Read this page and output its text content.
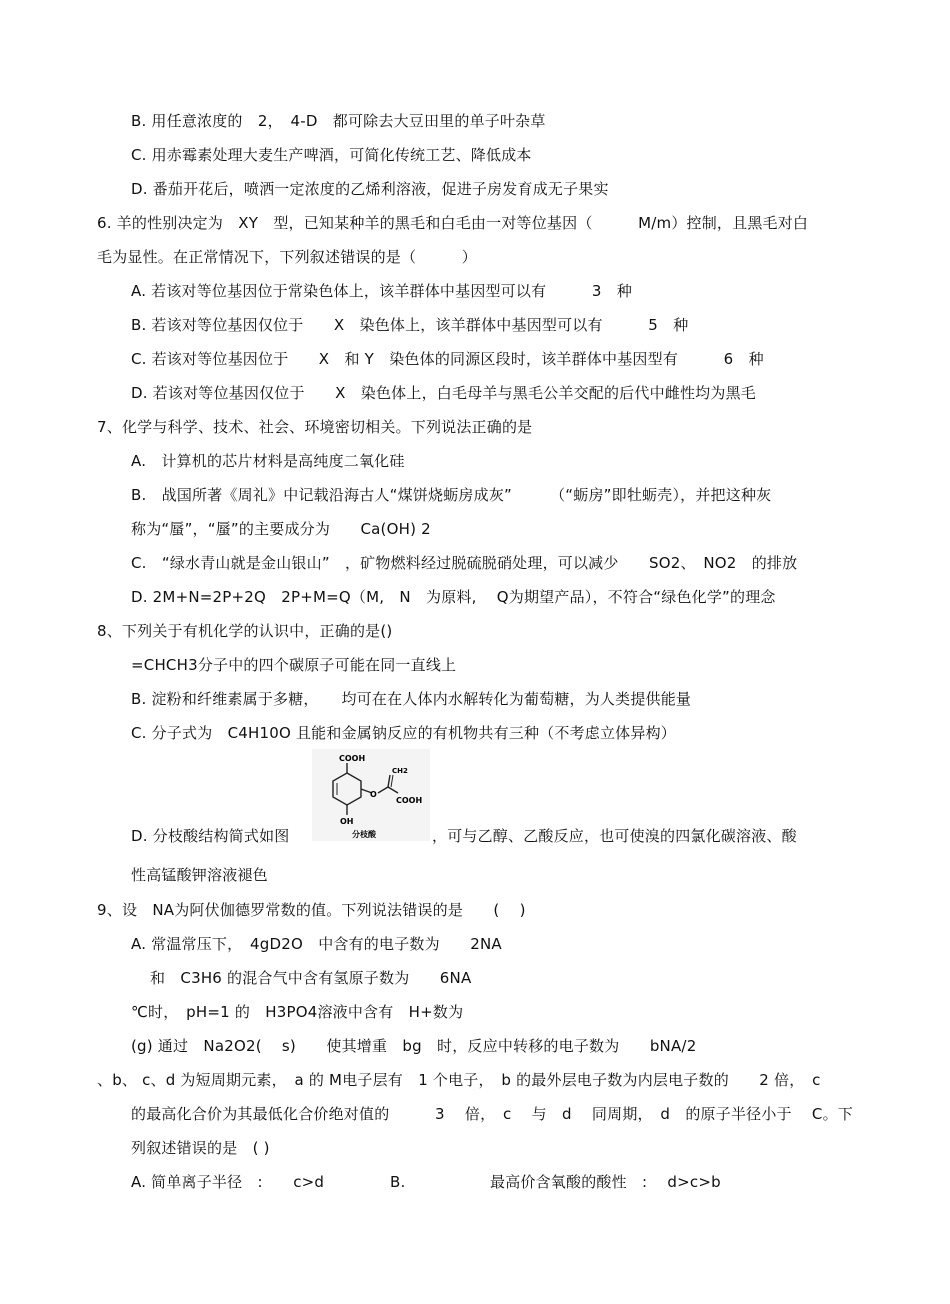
B. 用任意浓度的　2，　4-D　都可除去大豆田里的单子叶杂草
C. 用赤霉素处理大麦生产啤酒，可简化传统工艺、降低成本
D. 番茄开花后，喷洒一定浓度的乙烯利溶液，促进子房发育成无子果实
6. 羊的性别决定为　XY　型，已知某种羊的黑毛和白毛由一对等位基因（　　　M/m）控制，且黑毛对白
毛为显性。在正常情况下，下列叙述错误的是（　　　）
A. 若该对等位基因位于常染色体上，该羊群体中基因型可以有　　　3　种
B. 若该对等位基因仅位于　　X　染色体上，该羊群体中基因型可以有　　　5　种
C. 若该对等位基因位于　　X　和 Y　染色体的同源区段时，该羊群体中基因型有　　　6　种
D. 若该对等位基因仅位于　　X　染色体上，白毛母羊与黑毛公羊交配的后代中雌性均为黑毛
7、化学与科学、技术、社会、环境密切相关。下列说法正确的是
A.　计算机的芯片材料是高纯度二氧化硅
B.　战国所著《周礼》中记载沿海古人“煤饼烧蛎房成灰”　　　（“蛎房”即牡蛎壳），并把这种灰
称为“蜃”，“蜃”的主要成分为　　Ca(OH) 2
C.　“绿水青山就是金山银山”　，矿物燃料经过脱硫脱硝处理，可以减少　　SO2、　NO2　的排放
D. 2M+N=2P+2Q　2P+M=Q（M,　N　为原料,　 Q为期望产品），不符合“绿色化学”的理念
8、下列关于有机化学的认识中，正确的是()
=CHCH3分子中的四个碳原子可能在同一直线上
B. 淀粉和纤维素属于多糖，　　均可在在人体内水解转化为葡萄糖，为人类提供能量
C. 分子式为　C4H10O 且能和金属钠反应的有机物共有三种（不考虑立体异构）
COOH
O
CH2
COOH
OH
分枝酸
D. 分枝酸结构简式如图	，可与乙醇、乙酸反应，也可使溴的四氯化碳溶液、酸
性高锰酸钾溶液褪色
9、设　NA为阿伏伽德罗常数的值。下列说法错误的是　　(　 )
A. 常温常压下，　4gD2O　中含有的电子数为　　2NA
和　C3H6 的混合气中含有氢原子数为　　6NA
℃时，　pH=1 的　H3PO4溶液中含有　H+数为
(g) 通过　Na2O2(　 s)　　使其增重　bg　时，反应中转移的电子数为　　bNA/2
、b、 c、d 为短周期元素，　a 的 M电子层有　1 个电子，　b 的最外层电子数为内层电子数的　　2 倍，　c
的最高化合价为其最低化合价绝对值的　　　3　 倍，　c　 与　d　 同周期，　d　的原子半径小于　 C。下
列叙述错误的是　( )
A. 简单离子半径　:　　c>d	B.	最高价含氧酸的酸性　:　 d>c>b
